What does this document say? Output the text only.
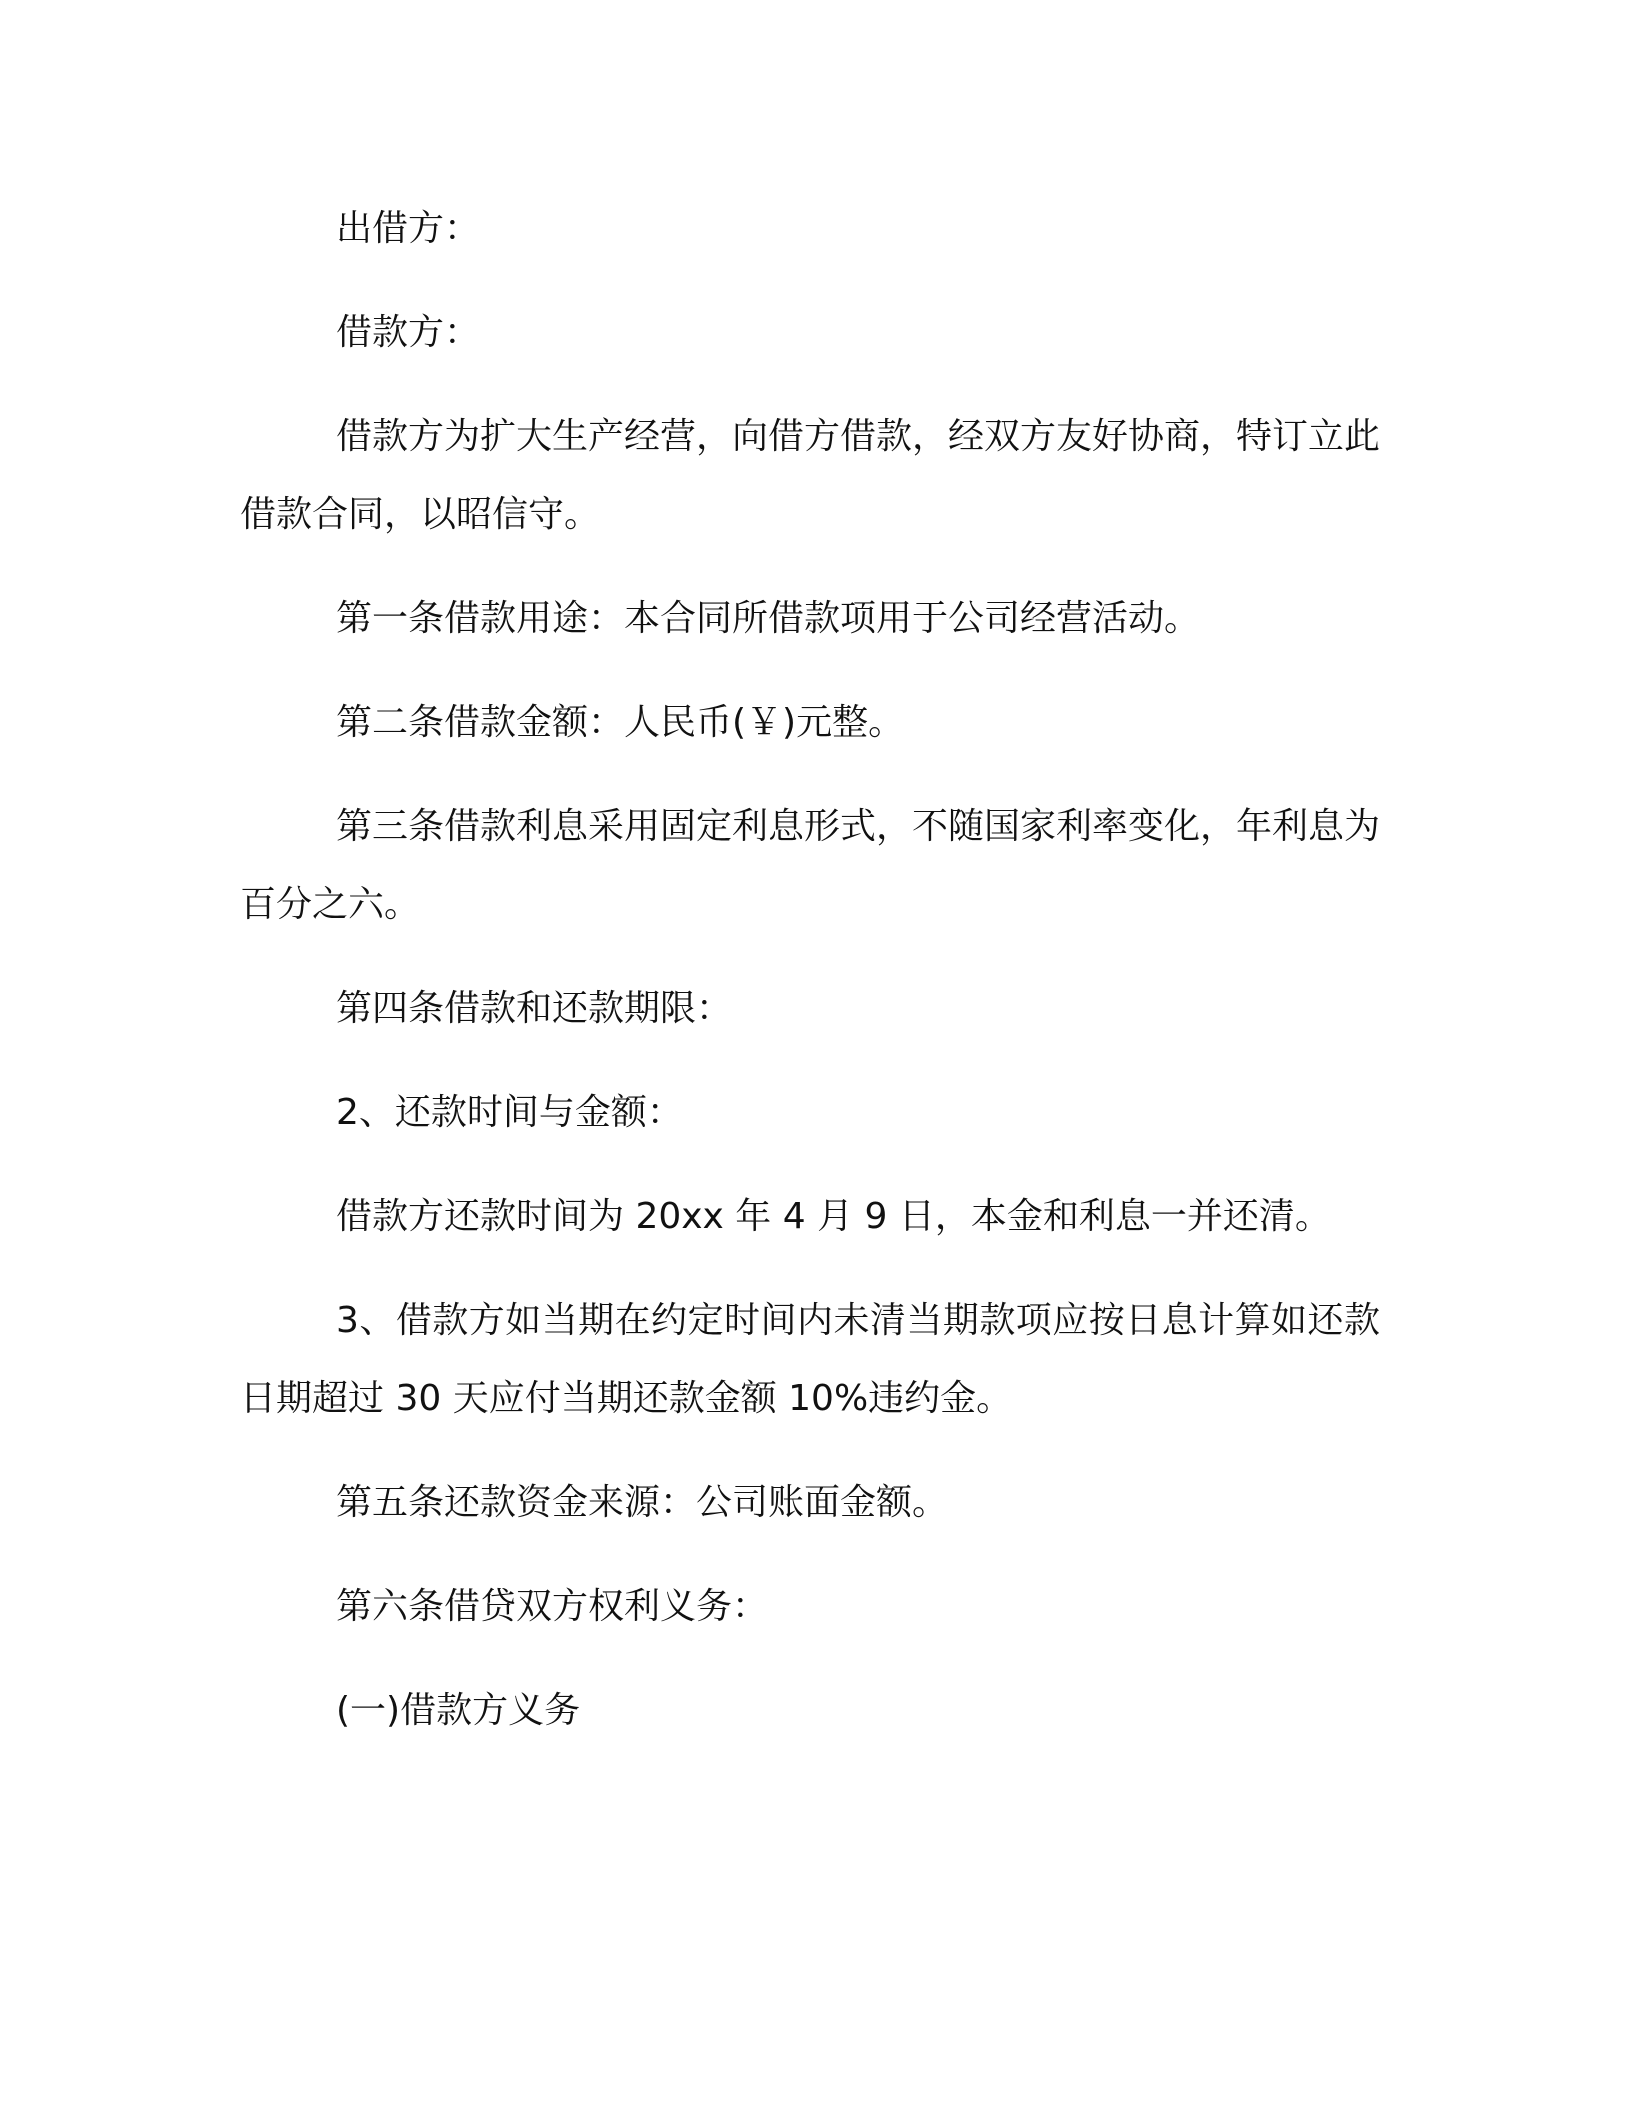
出借方：

借款方：

借款方为扩大生产经营，向借方借款，经双方友好协商，特订立此借款合同，以昭信守。

第一条借款用途：本合同所借款项用于公司经营活动。

第二条借款金额：人民币(￥)元整。

第三条借款利息采用固定利息形式，不随国家利率变化，年利息为百分之六。

第四条借款和还款期限：

2、还款时间与金额：

借款方还款时间为 20xx 年 4 月 9 日，本金和利息一并还清。

3、借款方如当期在约定时间内未清当期款项应按日息计算如还款日期超过 30 天应付当期还款金额 10%违约金。

第五条还款资金来源：公司账面金额。

第六条借贷双方权利义务：

(一)借款方义务
